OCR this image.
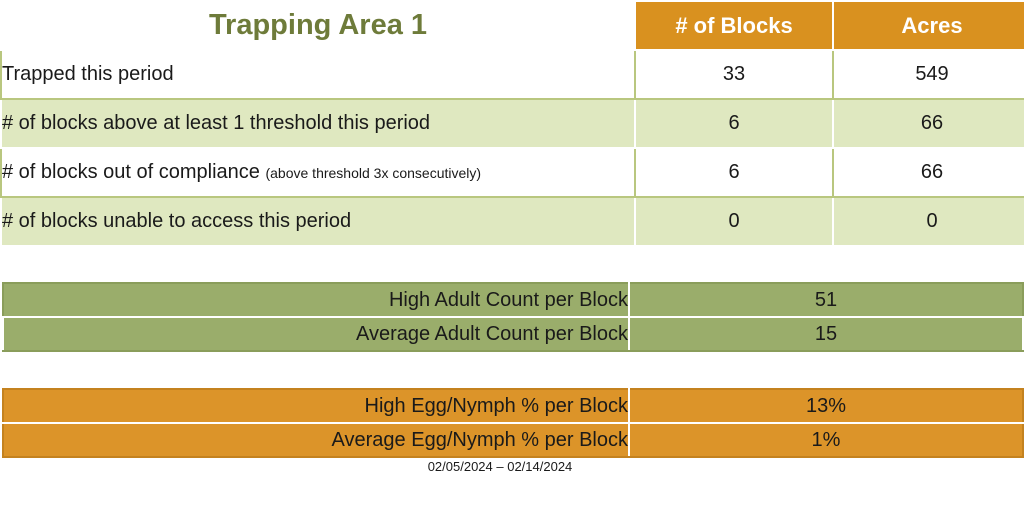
Trapping Area 1	# of Blocks	Acres
Trapped this period	33	549
# of blocks above at least 1 threshold this period	6	66
# of blocks out of compliance (above threshold 3x consecutively)	6	66
# of blocks unable to access this period	0	0
High Adult Count per Block	51
Average Adult Count per Block	15
High Egg/Nymph % per Block	13%
Average Egg/Nymph % per Block	1%
02/05/2024 – 02/14/2024
